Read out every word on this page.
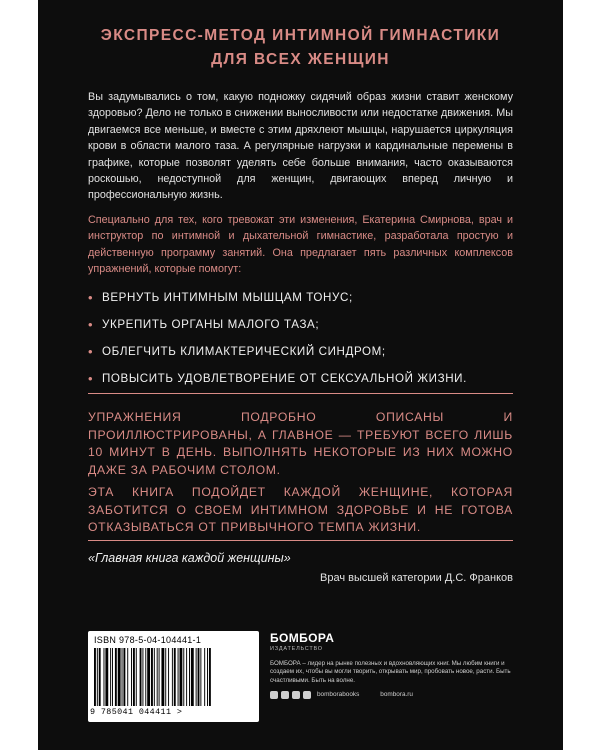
ЭКСПРЕСС-МЕТОД ИНТИМНОЙ ГИМНАСТИКИ
ДЛЯ ВСЕХ ЖЕНЩИН

Вы задумывались о том, какую подножку сидячий образ жизни ставит женскому здоровью? Дело не только в снижении выносливости или недостатке движения. Мы двигаемся все меньше, и вместе с этим дряхлеют мышцы, нарушается циркуляция крови в области малого таза. А регулярные нагрузки и кардинальные перемены в графике, которые позволят уделять себе больше внимания, часто оказываются роскошью, недоступной для женщин, двигающих вперед личную и профессиональную жизнь.

Специально для тех, кого тревожат эти изменения, Екатерина Смирнова, врач и инструктор по интимной и дыхательной гимнастике, разработала простую и действенную программу занятий. Она предлагает пять различных комплексов упражнений, которые помогут:

• ВЕРНУТЬ ИНТИМНЫМ МЫШЦАМ ТОНУС;
• УКРЕПИТЬ ОРГАНЫ МАЛОГО ТАЗА;
• ОБЛЕГЧИТЬ КЛИМАКТЕРИЧЕСКИЙ СИНДРОМ;
• ПОВЫСИТЬ УДОВЛЕТВОРЕНИЕ ОТ СЕКСУАЛЬНОЙ ЖИЗНИ.

УПРАЖНЕНИЯ ПОДРОБНО ОПИСАНЫ И ПРОИЛЛЮСТРИРОВАНЫ, А ГЛАВНОЕ — ТРЕБУЮТ ВСЕГО ЛИШЬ 10 МИНУТ В ДЕНЬ. ВЫПОЛНЯТЬ НЕКОТОРЫЕ ИЗ НИХ МОЖНО ДАЖЕ ЗА РАБОЧИМ СТОЛОМ.

ЭТА КНИГА ПОДОЙДЕТ КАЖДОЙ ЖЕНЩИНЕ, КОТОРАЯ ЗАБОТИТСЯ О СВОЕМ ИНТИМНОМ ЗДОРОВЬЕ И НЕ ГОТОВА ОТКАЗЫВАТЬСЯ ОТ ПРИВЫЧНОГО ТЕМПА ЖИЗНИ.

«Главная книга каждой женщины»

Врач высшей категории Д.С. Франков

ISBN 978-5-04-104441-1
9 785041 044411 >
БОМБОРА
ИЗДАТЕЛЬСТВО

БОМБОРА – лидер на рынке полезных и вдохновляющих книг. Мы любим книги и создаем их, чтобы вы могли творить, открывать мир, пробовать новое, расти. Быть счастливыми. Быть на волне.

bomborabooks	bombora.ru
